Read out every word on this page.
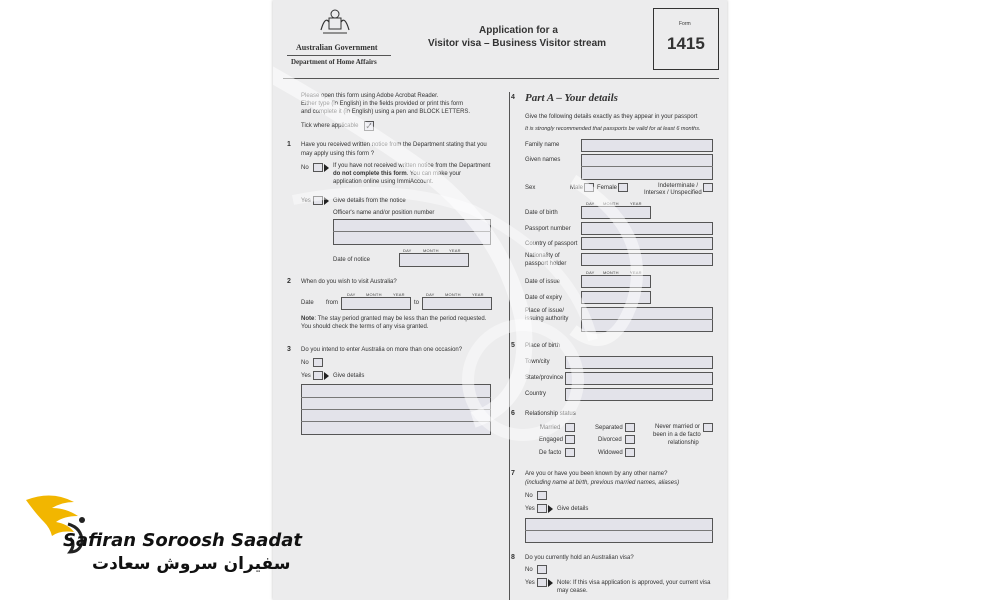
Australian Government
Department of Home Affairs
Application for a
Visitor visa – Business Visitor stream
Form
1415
Please open this form using Adobe Acrobat Reader.
Either type (in English) in the fields provided or print this form
and complete it (in English) using a pen and BLOCK LETTERS.
Tick where applicable ✓
1 Have you received written notice from the Department stating that you
may apply using this form ?
No	If you have not received written notice from the Department
do not complete this form. You can make your
application online using ImmiAccount.
Yes	Give details from the notice
Officer's name and/or position number
DAY	MONTH	YEAR
Date of notice
2 When do you wish to visit Australia?
DAY	MONTH	YEAR	DAY	MONTH	YEAR
Date from	to
Note: The stay period granted may be less than the period requested.
You should check the terms of any visa granted.
3 Do you intend to enter Australia on more than one occasion?
No
Yes	Give details
4 Part A – Your details
Give the following details exactly as they appear in your passport
It is strongly recommended that passports be valid for at least 6 months.
Family name
Given names
Sex	Male Female	Indeterminate /
Intersex / Unspecified
DAY MONTH	YEAR
Date of birth
Passport number
Country of passport
Nationality of
passport holder
DAY MONTH	YEAR
Date of issue
Date of expiry
Place of issue/
issuing authority
5 Place of birth
Town/city
State/province
Country
6 Relationship status
Married
Engaged
De facto
Separated
Divorced
Widowed
Never married or
been in a de facto
relationship
7 Are you or have you been known by any other name?
(including name at birth, previous married names, aliases)
No
Yes	Give details
8 Do you currently hold an Australian visa?
No
Yes	Note: If this visa application is approved, your current visa
may cease.
Safiran Soroosh Saadat
سفیران سروش سعادت
